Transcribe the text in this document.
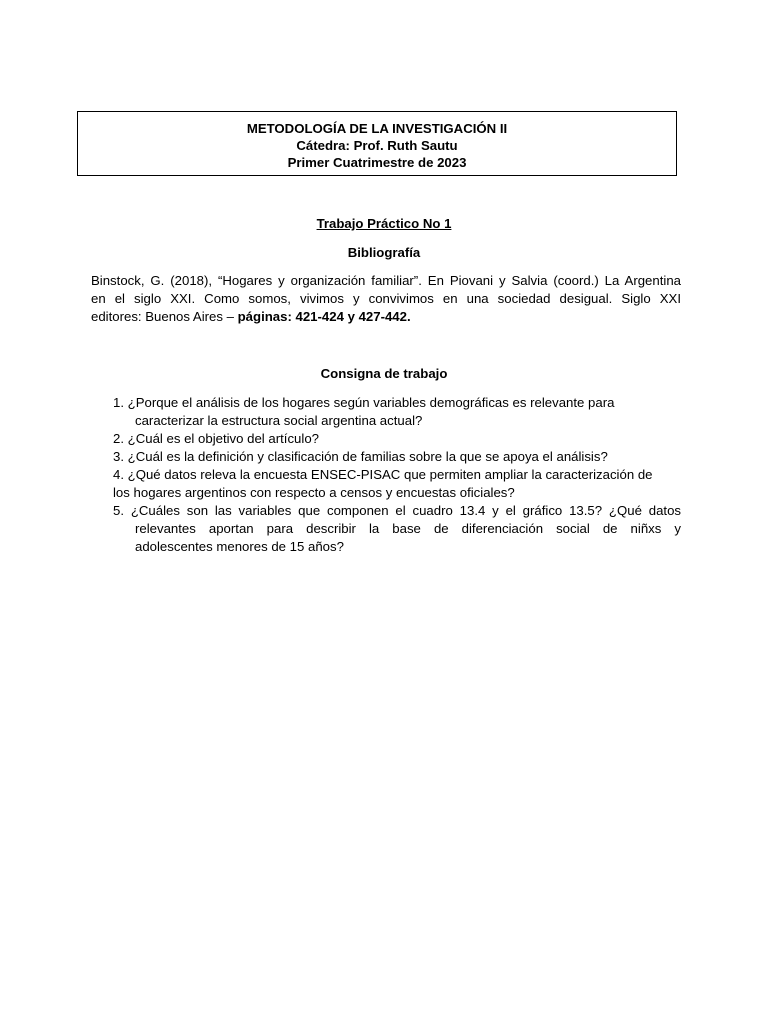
METODOLOGÍA DE LA INVESTIGACIÓN II
Cátedra: Prof. Ruth Sautu
Primer Cuatrimestre de 2023
Trabajo Práctico No 1
Bibliografía
Binstock, G. (2018), “Hogares y organización familiar”. En Piovani y Salvia (coord.) La Argentina
en el siglo XXI. Como somos, vivimos y convivimos en una sociedad desigual. Siglo XXI
editores: Buenos Aires – páginas: 421-424 y 427-442.
Consigna de trabajo
1. ¿Porque el análisis de los hogares según variables demográficas es relevante para
caracterizar la estructura social argentina actual?
2. ¿Cuál es el objetivo del artículo?
3. ¿Cuál es la definición y clasificación de familias sobre la que se apoya el análisis?
4. ¿Qué datos releva la encuesta ENSEC-PISAC que permiten ampliar la caracterización de
los hogares argentinos con respecto a censos y encuestas oficiales?
5. ¿Cuáles son las variables que componen el cuadro 13.4 y el gráfico 13.5? ¿Qué datos
relevantes aportan para describir la base de diferenciación social de niñxs y
adolescentes menores de 15 años?
